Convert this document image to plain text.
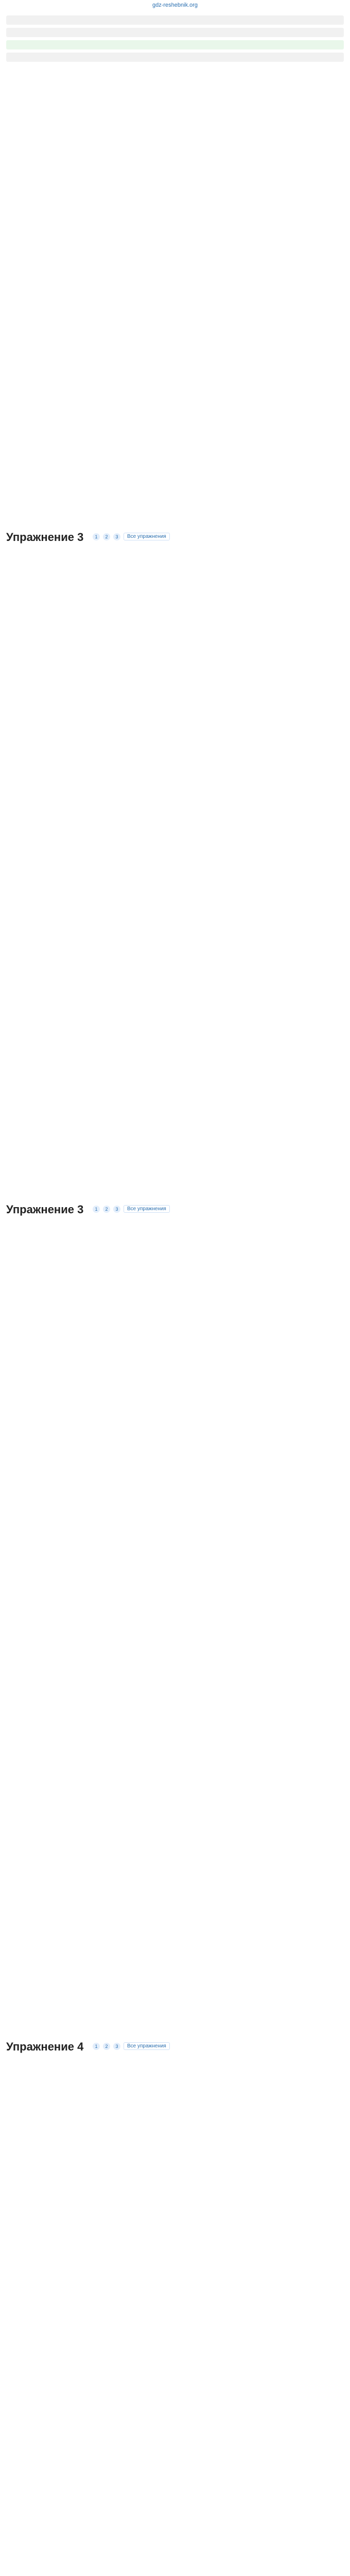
gdz-reshebnik.org
Упражнение 3	1	2	3	Все упражнения
Упражнение 3	1	2	3	Все упражнения
Упражнение 4	1	2	3	Все упражнения
